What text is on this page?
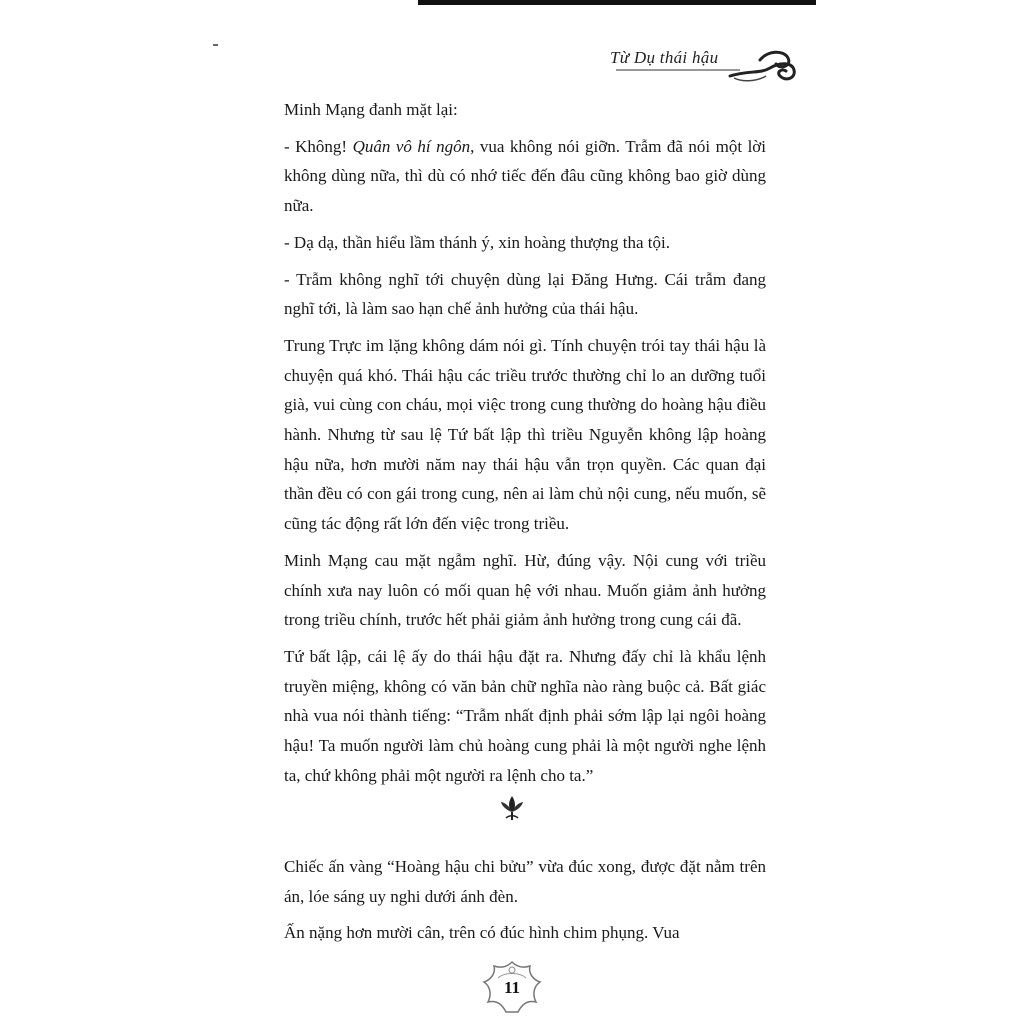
Từ Dụ thái hậu

Minh Mạng đanh mặt lại:

- Không! Quân vô hí ngôn, vua không nói giỡn. Trẫm đã nói một lời không dùng nữa, thì dù có nhớ tiếc đến đâu cũng không bao giờ dùng nữa.

- Dạ dạ, thần hiểu lầm thánh ý, xin hoàng thượng tha tội.

- Trẫm không nghĩ tới chuyện dùng lại Đăng Hưng. Cái trẫm đang nghĩ tới, là làm sao hạn chế ảnh hưởng của thái hậu.

Trung Trực im lặng không dám nói gì. Tính chuyện trói tay thái hậu là chuyện quá khó. Thái hậu các triều trước thường chỉ lo an dưỡng tuổi già, vui cùng con cháu, mọi việc trong cung thường do hoàng hậu điều hành. Nhưng từ sau lệ Tứ bất lập thì triều Nguyễn không lập hoàng hậu nữa, hơn mười năm nay thái hậu vẫn trọn quyền. Các quan đại thần đều có con gái trong cung, nên ai làm chủ nội cung, nếu muốn, sẽ cũng tác động rất lớn đến việc trong triều.

Minh Mạng cau mặt ngẫm nghĩ. Hừ, đúng vậy. Nội cung với triều chính xưa nay luôn có mối quan hệ với nhau. Muốn giảm ảnh hưởng trong triều chính, trước hết phải giảm ảnh hưởng trong cung cái đã.

Tứ bất lập, cái lệ ấy do thái hậu đặt ra. Nhưng đấy chỉ là khẩu lệnh truyền miệng, không có văn bản chữ nghĩa nào ràng buộc cả. Bất giác nhà vua nói thành tiếng: “Trẫm nhất định phải sớm lập lại ngôi hoàng hậu! Ta muốn người làm chủ hoàng cung phải là một người nghe lệnh ta, chứ không phải một người ra lệnh cho ta.”

Chiếc ấn vàng “Hoàng hậu chi bửu” vừa đúc xong, được đặt nằm trên án, lóe sáng uy nghi dưới ánh đèn.

Ấn nặng hơn mười cân, trên có đúc hình chim phụng. Vua

11
